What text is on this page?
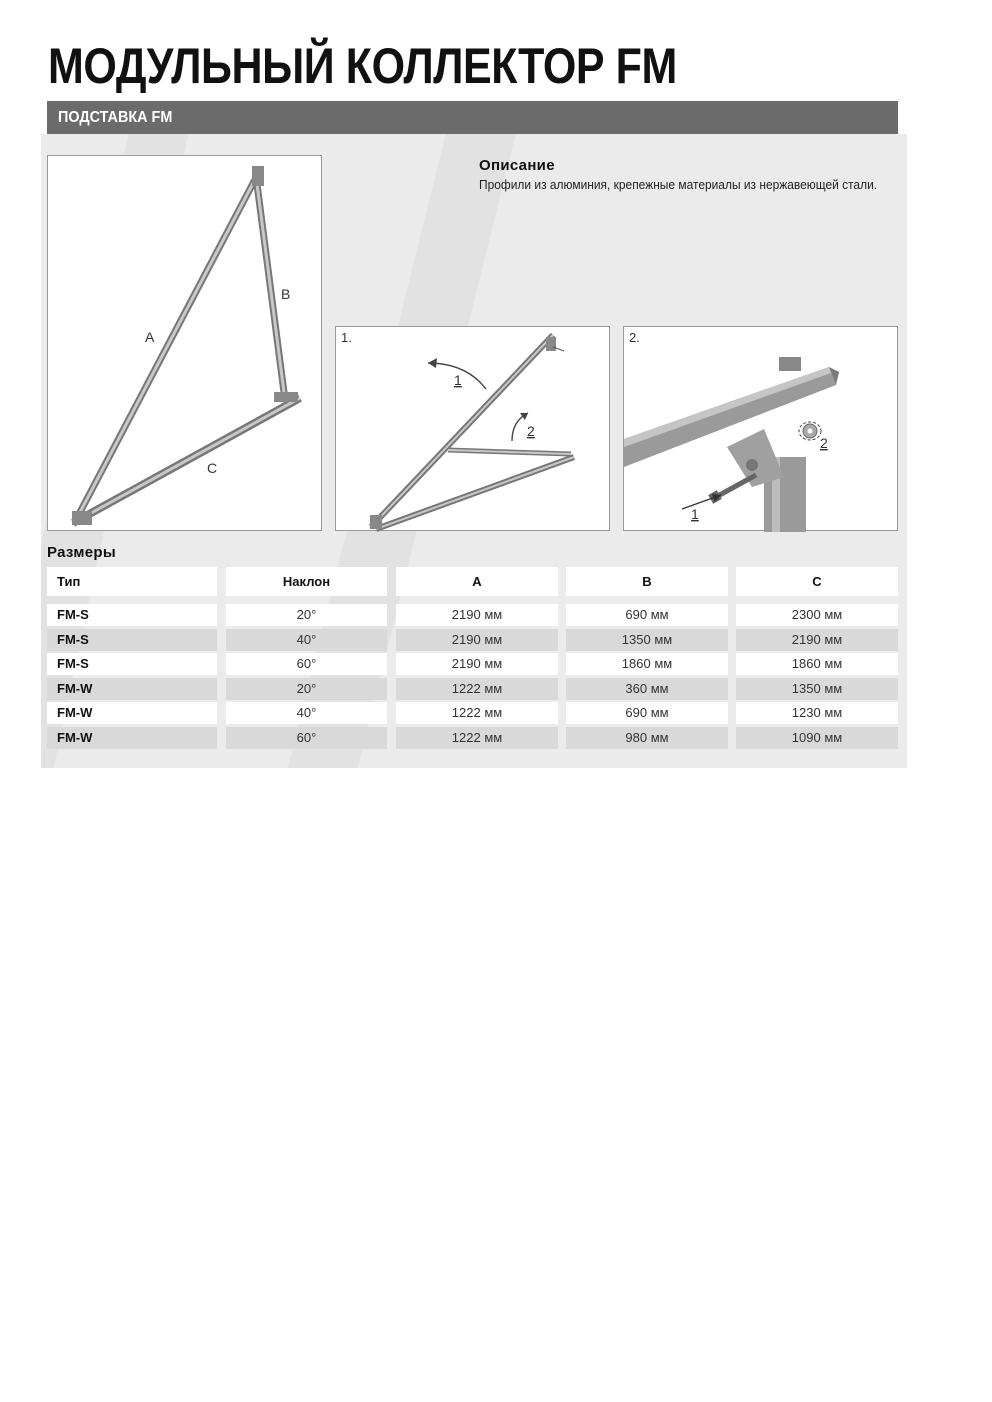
МОДУЛЬНЫЙ КОЛЛЕКТОР FM
ПОДСТАВКА FM
A
B
C
1
2
1.
1
2
2.
Описание
Профили из алюминия, крепежные материалы из нержавеющей стали.
Размеры
Тип	Наклон	A	B	C
FM-S	20°	2190 мм	690 мм	2300 мм
FM-S	40°	2190 мм	1350 мм	2190 мм
FM-S	60°	2190 мм	1860 мм	1860 мм
FM-W	20°	1222 мм	360 мм	1350 мм
FM-W	40°	1222 мм	690 мм	1230 мм
FM-W	60°	1222 мм	980 мм	1090 мм
